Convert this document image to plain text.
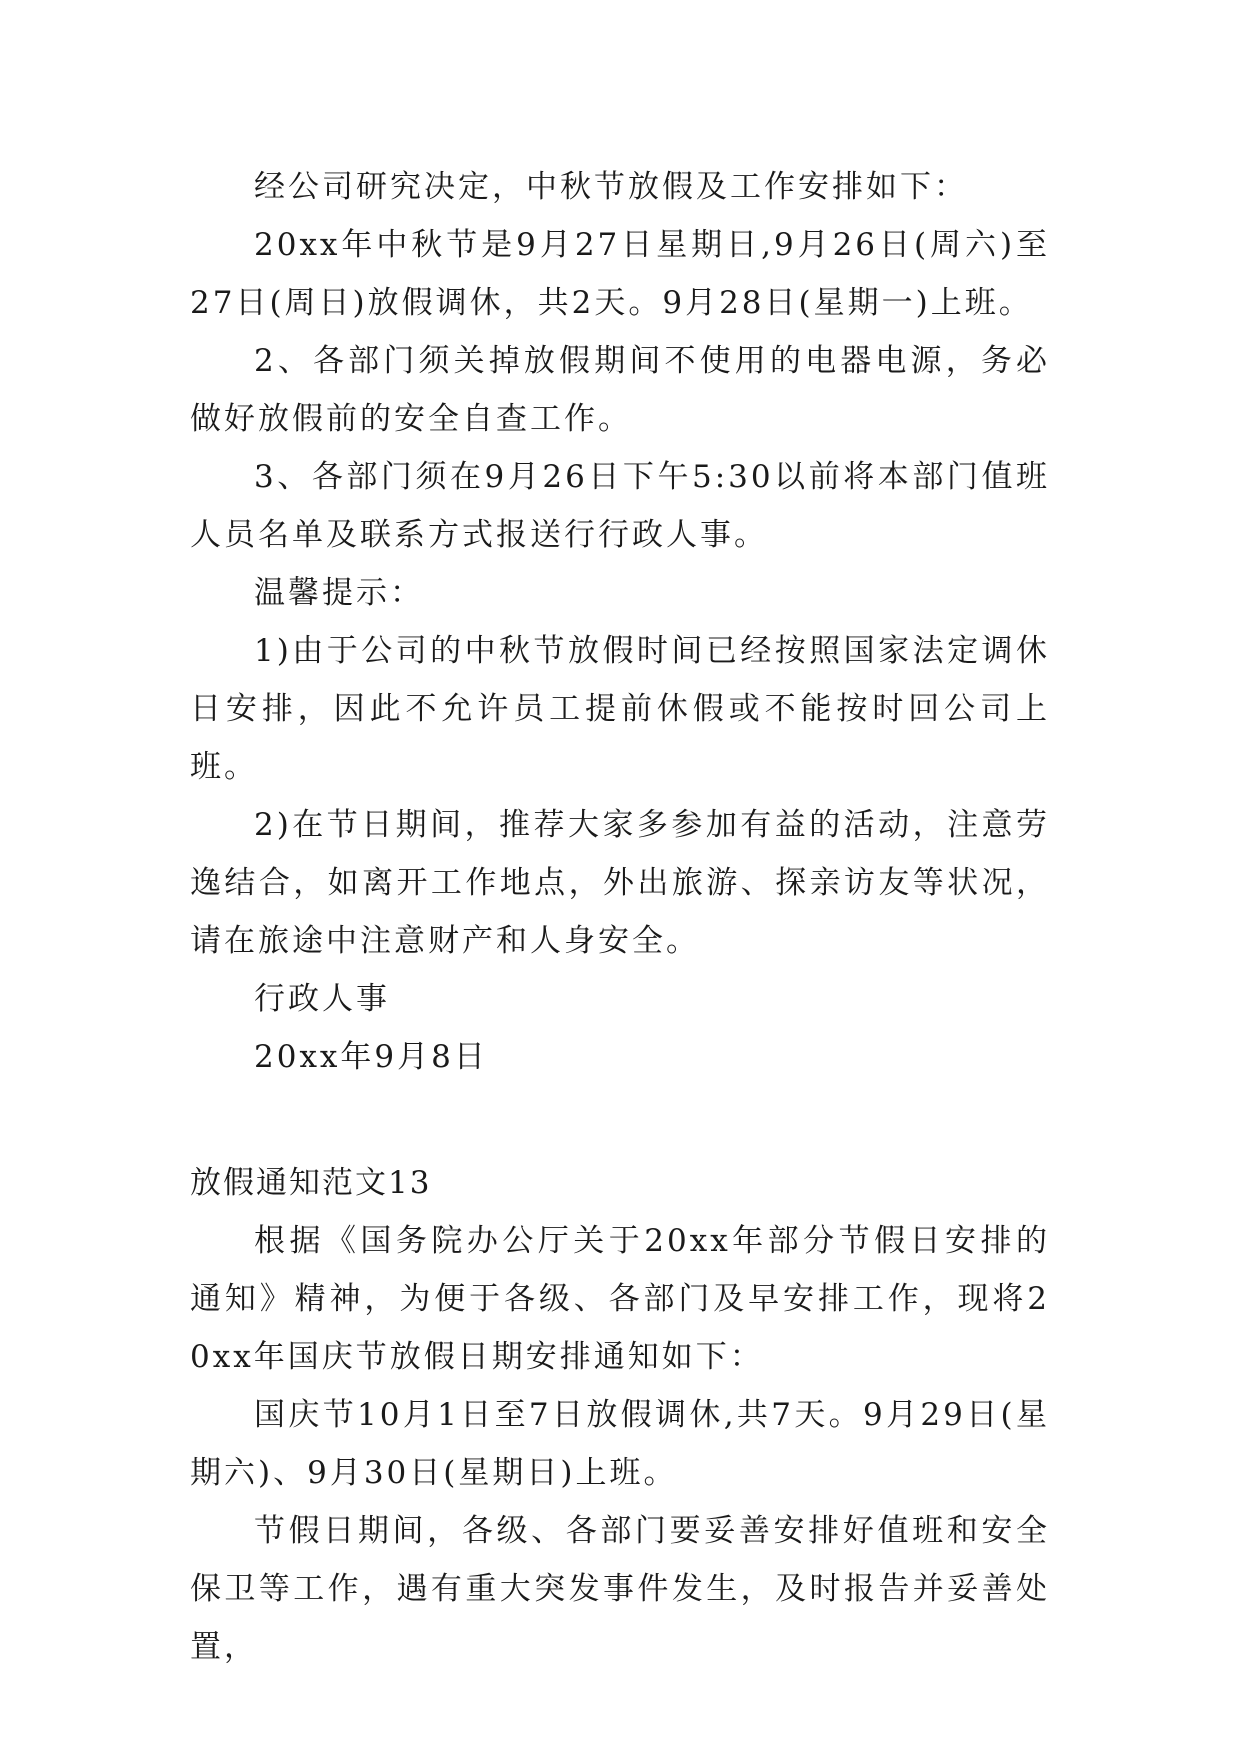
经公司研究决定，中秋节放假及工作安排如下：

20xx年中秋节是9月27日星期日,9月26日(周六)至27日(周日)放假调休，共2天。9月28日(星期一)上班。

2、各部门须关掉放假期间不使用的电器电源，务必做好放假前的安全自查工作。

3、各部门须在9月26日下午5:30以前将本部门值班人员名单及联系方式报送行行政人事。

温馨提示：

1)由于公司的中秋节放假时间已经按照国家法定调休日安排，因此不允许员工提前休假或不能按时回公司上班。

2)在节日期间，推荐大家多参加有益的活动，注意劳逸结合，如离开工作地点，外出旅游、探亲访友等状况，请在旅途中注意财产和人身安全。

行政人事

20xx年9月8日

放假通知范文13

根据《国务院办公厅关于20xx年部分节假日安排的通知》精神，为便于各级、各部门及早安排工作，现将20xx年国庆节放假日期安排通知如下：

国庆节10月1日至7日放假调休,共7天。9月29日(星期六)、9月30日(星期日)上班。

节假日期间，各级、各部门要妥善安排好值班和安全保卫等工作，遇有重大突发事件发生，及时报告并妥善处置，
